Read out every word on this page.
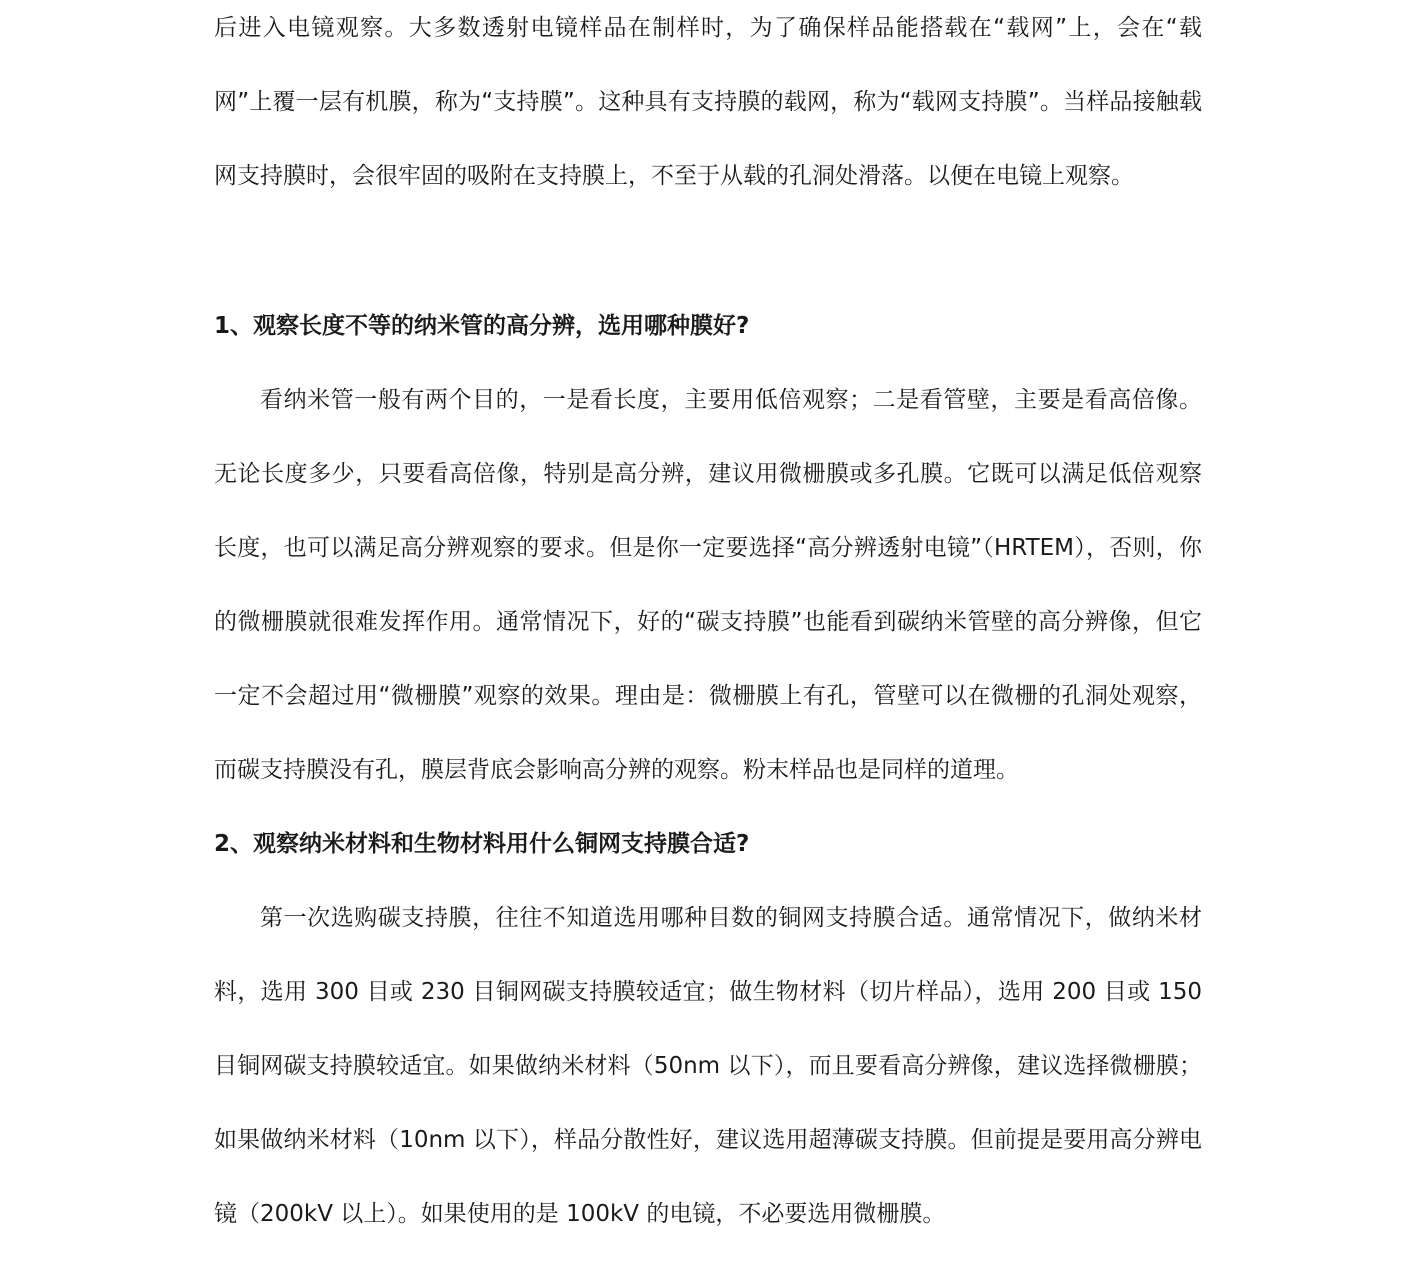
后进入电镜观察。大多数透射电镜样品在制样时，为了确保样品能搭载在“载网”上，会在“载网”上覆一层有机膜，称为“支持膜”。这种具有支持膜的载网，称为“载网支持膜”。当样品接触载网支持膜时，会很牢固的吸附在支持膜上，不至于从载的孔洞处滑落。以便在电镜上观察。
1、观察长度不等的纳米管的高分辨，选用哪种膜好?
看纳米管一般有两个目的，一是看长度，主要用低倍观察；二是看管壁，主要是看高倍像。无论长度多少，只要看高倍像，特别是高分辨，建议用微栅膜或多孔膜。它既可以满足低倍观察长度，也可以满足高分辨观察的要求。但是你一定要选择“高分辨透射电镜”（HRTEM），否则，你的微栅膜就很难发挥作用。通常情况下，好的“碳支持膜”也能看到碳纳米管壁的高分辨像，但它一定不会超过用“微栅膜”观察的效果。理由是：微栅膜上有孔，管壁可以在微栅的孔洞处观察，而碳支持膜没有孔，膜层背底会影响高分辨的观察。粉末样品也是同样的道理。
2、观察纳米材料和生物材料用什么铜网支持膜合适?
第一次选购碳支持膜，往往不知道选用哪种目数的铜网支持膜合适。通常情况下，做纳米材料，选用 300 目或 230 目铜网碳支持膜较适宜；做生物材料（切片样品），选用 200 目或 150 目铜网碳支持膜较适宜。如果做纳米材料（50nm 以下），而且要看高分辨像，建议选择微栅膜；如果做纳米材料（10nm 以下），样品分散性好，建议选用超薄碳支持膜。但前提是要用高分辨电镜（200kV 以上）。如果使用的是 100kV 的电镜，不必要选用微栅膜。
